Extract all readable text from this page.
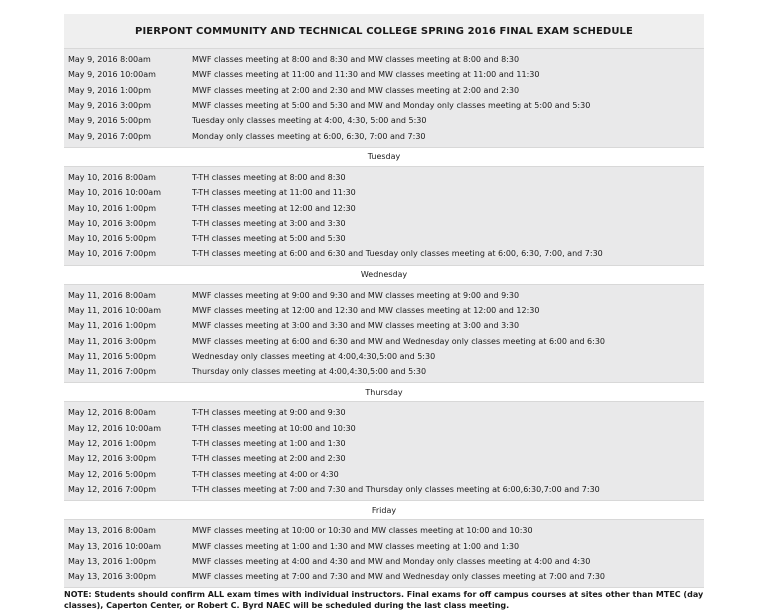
PIERPONT COMMUNITY AND TECHNICAL COLLEGE SPRING 2016 FINAL EXAM SCHEDULE
May 9, 2016 8:00am	MWF classes meeting at 8:00 and 8:30 and MW classes meeting at 8:00 and 8:30
May 9, 2016 10:00am	MWF classes meeting at 11:00 and 11:30 and MW classes meeting at 11:00 and 11:30
May 9, 2016 1:00pm	MWF classes meeting at 2:00 and 2:30 and MW classes meeting at 2:00 and 2:30
May 9, 2016 3:00pm	MWF classes meeting at 5:00 and 5:30 and MW and Monday only classes meeting at 5:00 and 5:30
May 9, 2016 5:00pm	Tuesday only classes meeting at 4:00, 4:30, 5:00 and 5:30
May 9, 2016 7:00pm	Monday only classes meeting at 6:00, 6:30, 7:00 and 7:30
Tuesday
May 10, 2016 8:00am	T-TH classes meeting at 8:00 and 8:30
May 10, 2016 10:00am	T-TH classes meeting at 11:00 and 11:30
May 10, 2016 1:00pm	T-TH classes meeting at 12:00 and 12:30
May 10, 2016 3:00pm	T-TH classes meeting at 3:00 and 3:30
May 10, 2016 5:00pm	T-TH classes meeting at 5:00 and 5:30
May 10, 2016 7:00pm	T-TH classes meeting at 6:00 and 6:30 and Tuesday only classes meeting at 6:00, 6:30, 7:00, and 7:30
Wednesday
May 11, 2016 8:00am	MWF classes meeting at 9:00 and 9:30 and MW classes meeting at 9:00 and 9:30
May 11, 2016 10:00am	MWF classes meeting at 12:00 and 12:30 and MW classes meeting at 12:00 and 12:30
May 11, 2016 1:00pm	MWF classes meeting at 3:00 and 3:30 and MW classes meeting at 3:00 and 3:30
May 11, 2016 3:00pm	MWF classes meeting at 6:00 and 6:30 and MW and Wednesday only classes meeting at 6:00 and 6:30
May 11, 2016 5:00pm	Wednesday only classes meeting at 4:00,4:30,5:00 and 5:30
May 11, 2016 7:00pm	Thursday only classes meeting at 4:00,4:30,5:00 and 5:30
Thursday
May 12, 2016 8:00am	T-TH classes meeting at 9:00 and 9:30
May 12, 2016 10:00am	T-TH classes meeting at 10:00 and 10:30
May 12, 2016 1:00pm	T-TH classes meeting at 1:00 and 1:30
May 12, 2016 3:00pm	T-TH classes meeting at 2:00 and 2:30
May 12, 2016 5:00pm	T-TH classes meeting at 4:00 or 4:30
May 12, 2016 7:00pm	T-TH classes meeting at 7:00 and 7:30 and Thursday only classes meeting at 6:00,6:30,7:00 and 7:30
Friday
May 13, 2016 8:00am	MWF classes meeting at 10:00 or 10:30 and MW classes meeting at 10:00 and 10:30
May 13, 2016 10:00am	MWF classes meeting at 1:00 and 1:30 and MW classes meeting at 1:00 and 1:30
May 13, 2016 1:00pm	MWF classes meeting at 4:00 and 4:30 and MW and Monday only classes meeting at 4:00 and 4:30
May 13, 2016 3:00pm	MWF classes meeting at 7:00 and 7:30 and MW and Wednesday only classes meeting at 7:00 and 7:30
NOTE: Students should confirm ALL exam times with individual instructors. Final exams for off campus courses at sites other than MTEC (day classes), Caperton Center, or Robert C. Byrd NAEC will be scheduled during the last class meeting.
